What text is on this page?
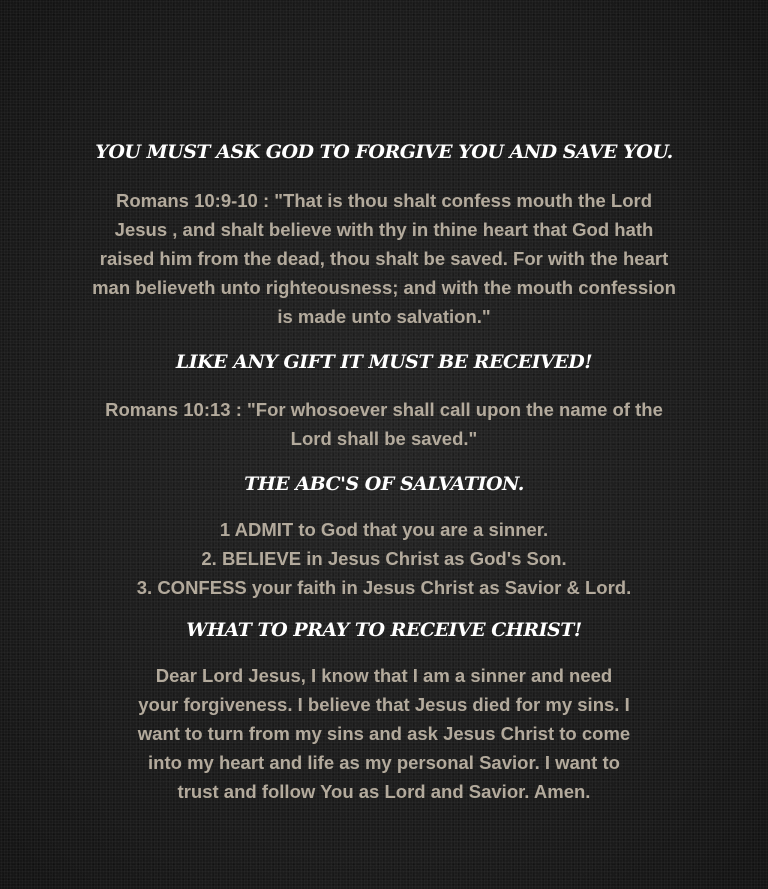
YOU MUST ASK GOD TO FORGIVE YOU AND SAVE YOU.

Romans 10:9-10 : "That is thou shalt confess mouth the Lord

Jesus , and shalt believe with thy in thine heart that God hath

raised him from the dead, thou shalt be saved. For with the heart

man believeth unto righteousness; and with the mouth confession

is made unto salvation."

LIKE ANY GIFT IT MUST BE RECEIVED!

Romans 10:13 : "For whosoever shall call upon the name of the

Lord shall be saved."

THE ABC'S OF SALVATION.
1 ADMIT to God that you are a sinner.
2. BELIEVE in Jesus Christ as God's Son.
3. CONFESS your faith in Jesus Christ as Savior & Lord.
WHAT TO PRAY TO RECEIVE CHRIST!

Dear Lord Jesus, I know that I am a sinner and need

your forgiveness. I believe that Jesus died for my sins. I

want to turn from my sins and ask Jesus Christ to come

into my heart and life as my personal Savior. I want to

trust and follow You as Lord and Savior. Amen.
